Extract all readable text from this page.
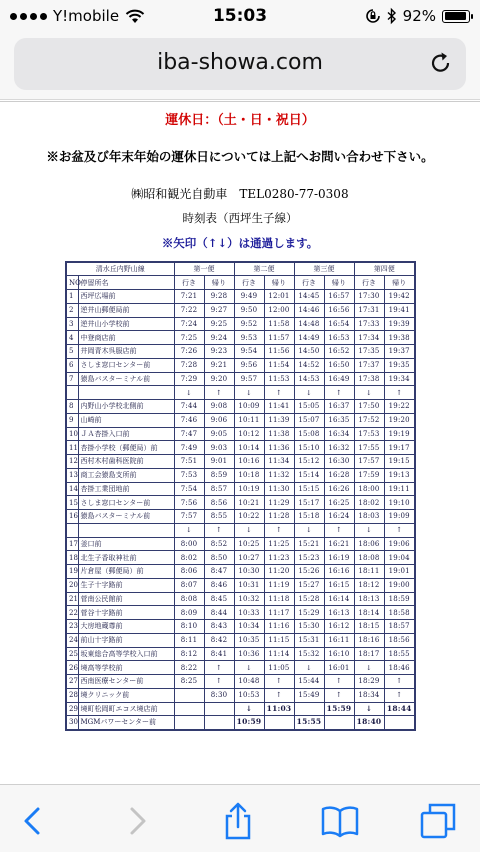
Y!mobile	15:03	92%
iba-showa.com
運休日：（土・日・祝日）
※お盆及び年末年始の運休日については上記へお問い合わせ下さい。
㈱昭和観光自動車　TEL0280-77-0308
時刻表（西坪生子線）
※矢印（↑↓）は通過します。
清水丘内野山線		第一便		第二便		第三便		第四便	
NO	停留所名	行き	帰り	行き	帰り	行き	帰り	行き	帰り
1	西坪広場前	7:21	9:28	9:49	12:01	14:45	16:57	17:30	19:42
2	逆井山郵便局前	7:22	9:27	9:50	12:00	14:46	16:56	17:31	19:41
3	逆井山小学校前	7:24	9:25	9:52	11:58	14:48	16:54	17:33	19:39
4	中登商店前	7:25	9:24	9:53	11:57	14:49	16:53	17:34	19:38
5	井岡青木呉服店前	7:26	9:23	9:54	11:56	14:50	16:52	17:35	19:37
6	さしま窓口センター前	7:28	9:21	9:56	11:54	14:52	16:50	17:37	19:35
7	猿島バスターミナル前	7:29	9:20	9:57	11:53	14:53	16:49	17:38	19:34
		↓	↑	↓	↑	↓	↑	↓	↑
8	内野山小学校北側前	7:44	9:08	10:09	11:41	15:05	16:37	17:50	19:22
9	山崎前	7:46	9:06	10:11	11:39	15:07	16:35	17:52	19:20
10	ＪＡ杏掛入口前	7:47	9:05	10:12	11:38	15:08	16:34	17:53	19:19
11	杏掛小学校（郵便局）前	7:49	9:03	10:14	11:36	15:10	16:32	17:55	19:17
12	西村木村歯科医院前	7:51	9:01	10:16	11:34	15:12	16:30	17:57	19:15
13	商工会猿島支所前	7:53	8:59	10:18	11:32	15:14	16:28	17:59	19:13
14	杏掛工業団地前	7:54	8:57	10:19	11:30	15:15	16:26	18:00	19:11
15	さしま窓口センター前	7:56	8:56	10:21	11:29	15:17	16:25	18:02	19:10
16	猿島バスターミナル前	7:57	8:55	10:22	11:28	15:18	16:24	18:03	19:09
		↓	↑	↓	↑	↓	↑	↓	↑
17	釜口前	8:00	8:52	10:25	11:25	15:21	16:21	18:06	19:06
18	北生子香取神社前	8:02	8:50	10:27	11:23	15:23	16:19	18:08	19:04
19	片倉屋（郵便局）前	8:06	8:47	10:30	11:20	15:26	16:16	18:11	19:01
20	生子十字路前	8:07	8:46	10:31	11:19	15:27	16:15	18:12	19:00
21	菅南公民館前	8:08	8:45	10:32	11:18	15:28	16:14	18:13	18:59
22	菅谷十字路前	8:09	8:44	10:33	11:17	15:29	16:13	18:14	18:58
23	大房地蔵尊前	8:10	8:43	10:34	11:16	15:30	16:12	18:15	18:57
24	前山十字路前	8:11	8:42	10:35	11:15	15:31	16:11	18:16	18:56
25	坂東総合高等学校入口前	8:12	8:41	10:36	11:14	15:32	16:10	18:17	18:55
26	境高等学校前	8:22	↑	↓	11:05	↓	16:01	↓	18:46
27	西南医療センター前	8:25	↑	10:48	↑	15:44	↑	18:29	↑
28	境クリニック前		8:30	10:53	↑	15:49	↑	18:34	↑
29	境町松岡町エコス境店前			↓	11:03		15:59	↓	18:44
30	MGMパワーセンター前			10:59		15:55		18:40	
